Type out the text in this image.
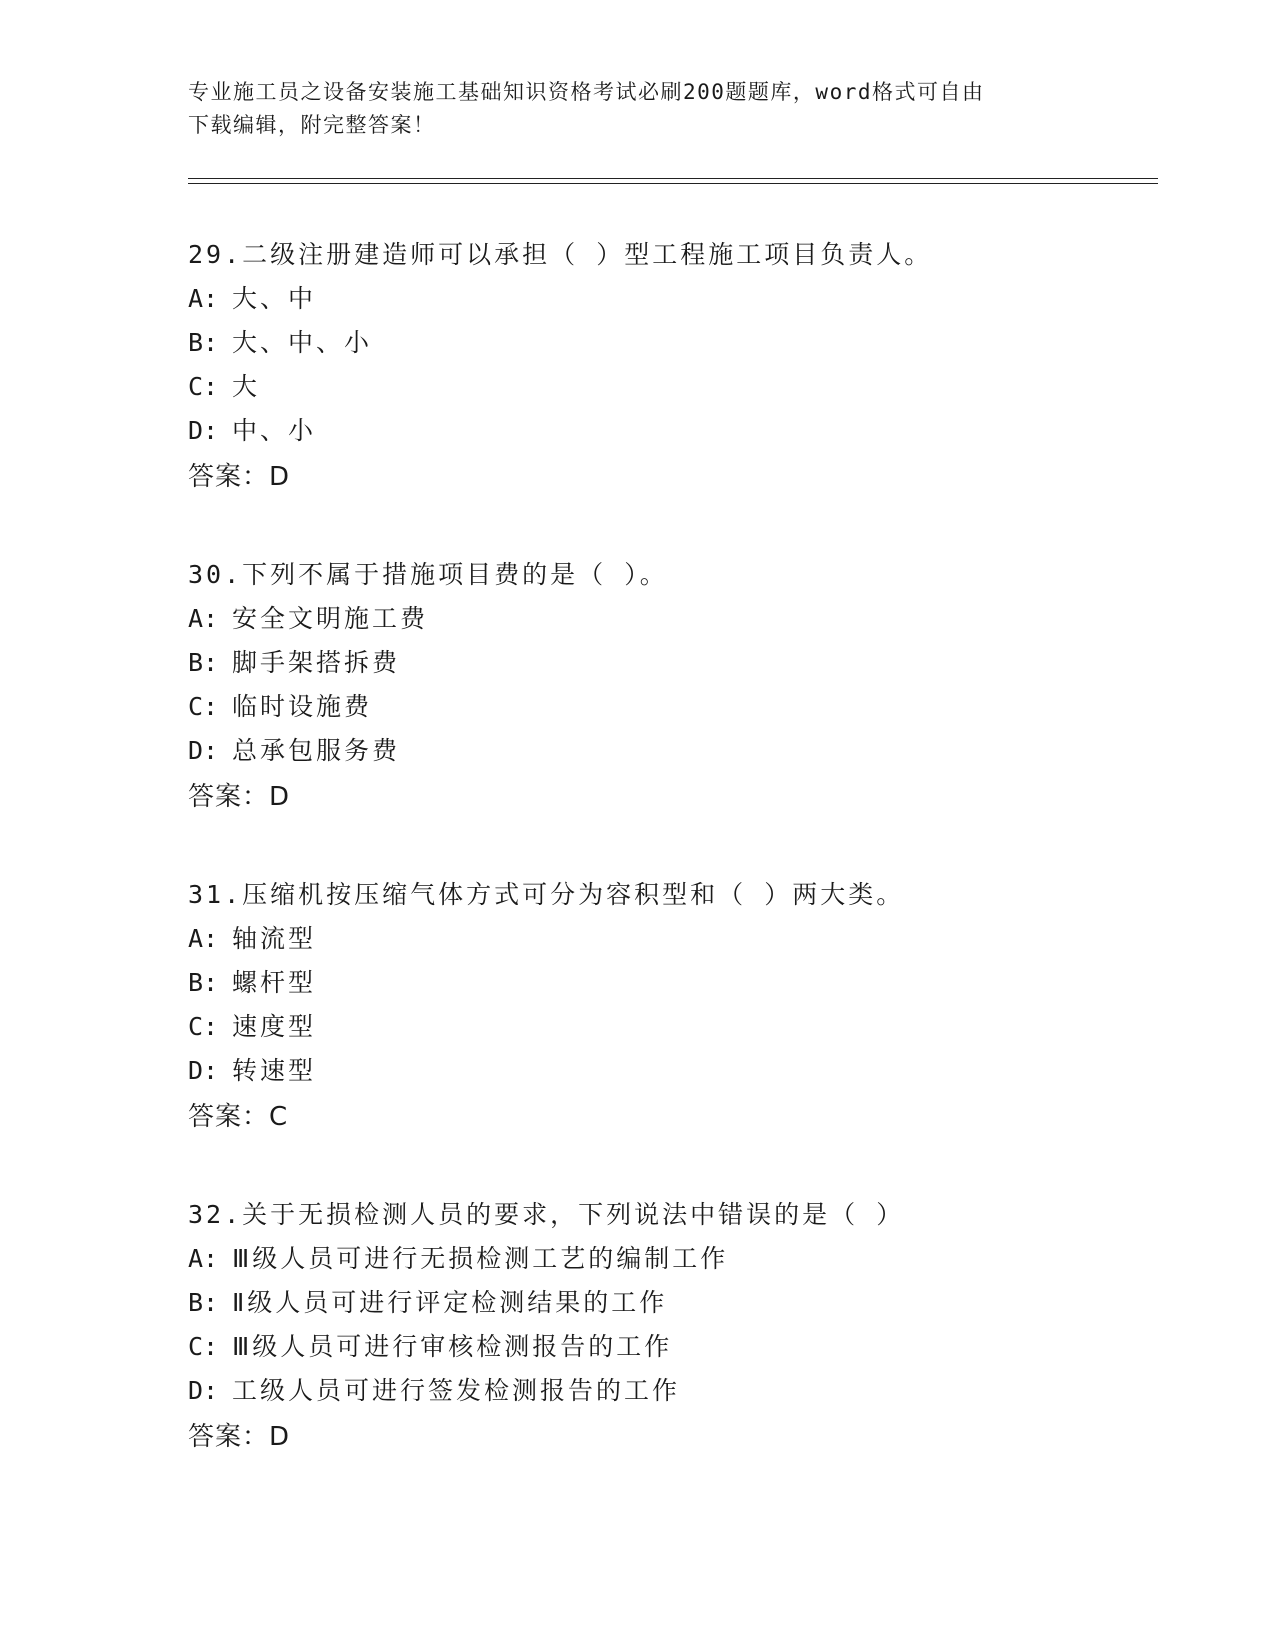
专业施工员之设备安装施工基础知识资格考试必刷200题题库，word格式可自由
下载编辑，附完整答案！
29.二级注册建造师可以承担（ ）型工程施工项目负责人。
A: 大、中
B: 大、中、小
C: 大
D: 中、小
答案：D
30.下列不属于措施项目费的是（ ）。
A: 安全文明施工费
B: 脚手架搭拆费
C: 临时设施费
D: 总承包服务费
答案：D
31.压缩机按压缩气体方式可分为容积型和（ ）两大类。
A: 轴流型
B: 螺杆型
C: 速度型
D: 转速型
答案：C
32.关于无损检测人员的要求，下列说法中错误的是（ ）
A: Ⅲ级人员可进行无损检测工艺的编制工作
B: Ⅱ级人员可进行评定检测结果的工作
C: Ⅲ级人员可进行审核检测报告的工作
D: 工级人员可进行签发检测报告的工作
答案：D
